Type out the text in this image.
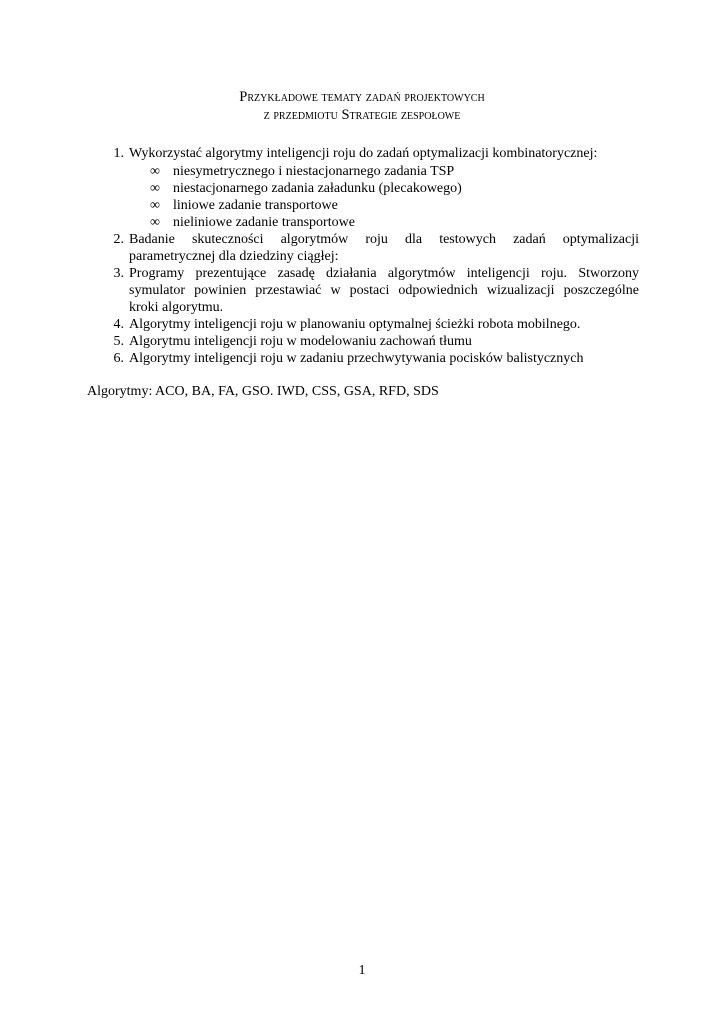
Przykładowe tematy zadań projektowych
z przedmiotu Strategie zespołowe
1. Wykorzystać algorytmy inteligencji roju do zadań optymalizacji kombinatorycznej:
∞ niesymetrycznego i niestacjonarnego zadania TSP
∞ niestacjonarnego zadania załadunku (plecakowego)
∞ liniowe zadanie transportowe
∞ nieliniowe zadanie transportowe
2. Badanie skuteczności algorytmów roju dla testowych zadań optymalizacji
parametrycznej dla dziedziny ciągłej:
3. Programy prezentujące zasadę działania algorytmów inteligencji roju. Stworzony
symulator powinien przestawiać w postaci odpowiednich wizualizacji poszczególne
kroki algorytmu.
4. Algorytmy inteligencji roju w planowaniu optymalnej ścieżki robota mobilnego.
5. Algorytmu inteligencji roju w modelowaniu zachowań tłumu
6. Algorytmy inteligencji roju w zadaniu przechwytywania pocisków balistycznych
Algorytmy: ACO, BA, FA, GSO. IWD, CSS, GSA, RFD, SDS
1
